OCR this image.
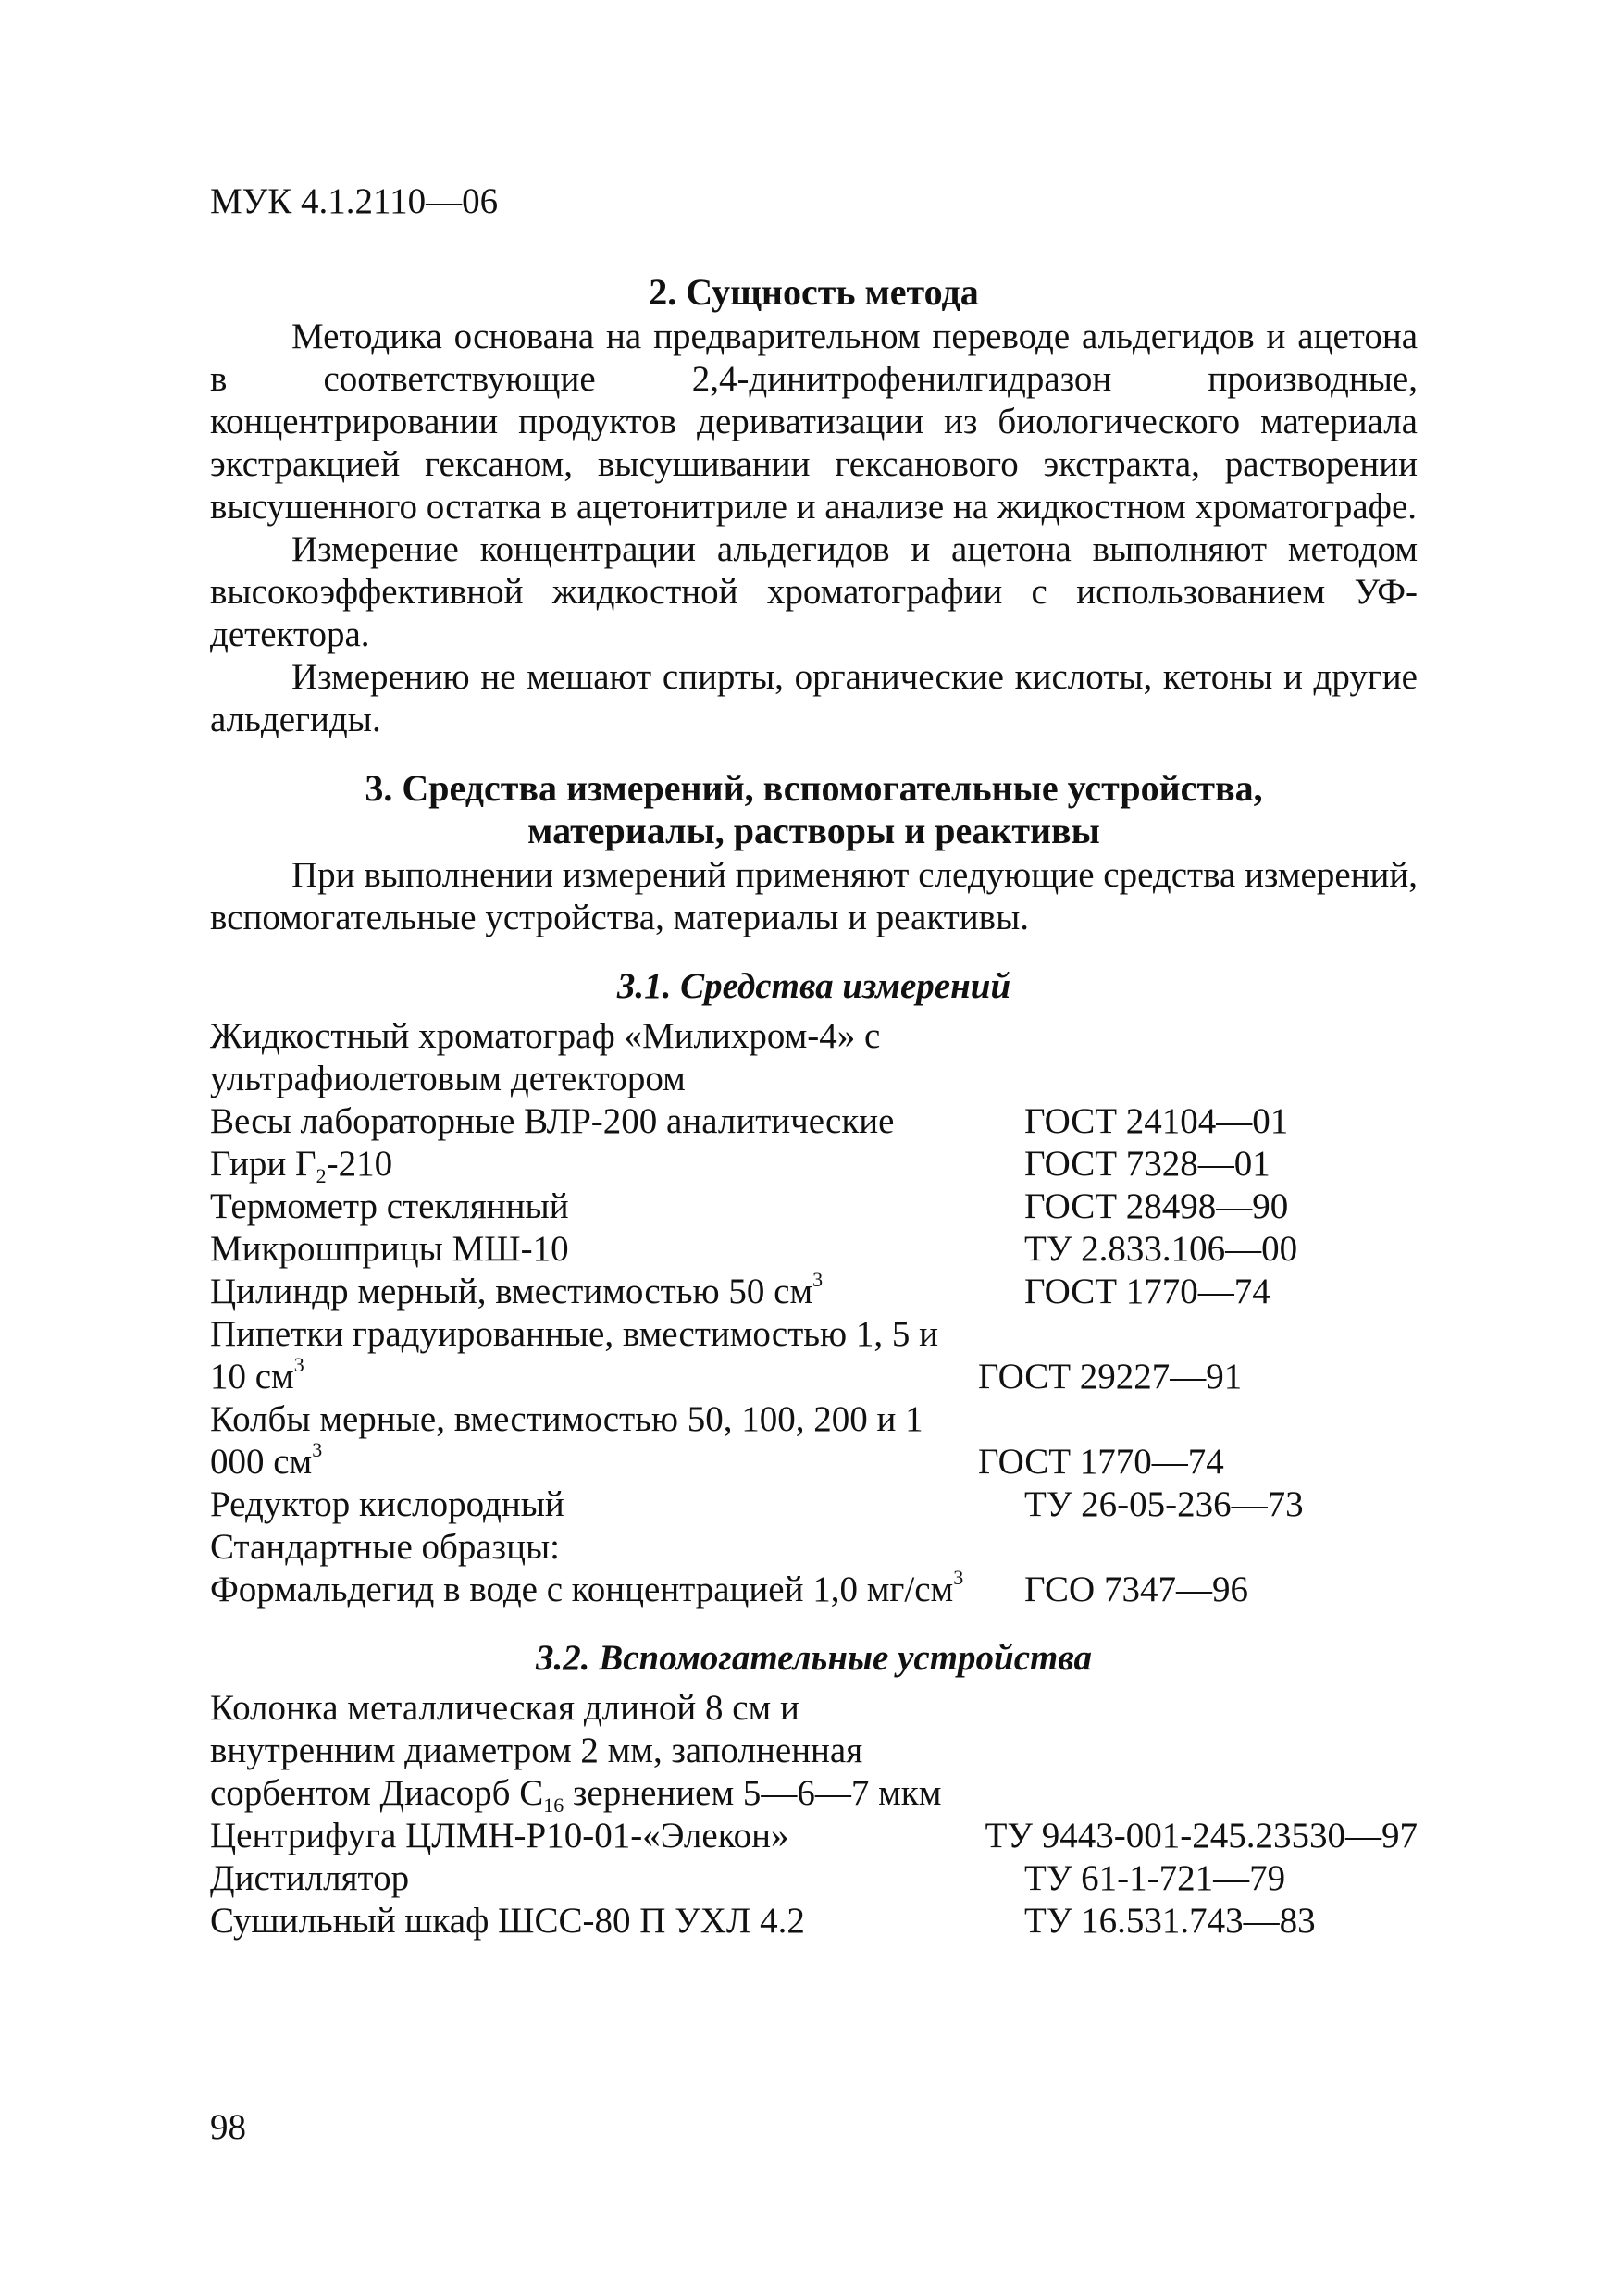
МУК 4.1.2110—06
2. Сущность метода

Методика основана на предварительном переводе альдегидов и ацетона в соответствующие 2,4-динитрофенилгидразон производные, концентрировании продуктов дериватизации из биологического материала экстракцией гексаном, высушивании гексанового экстракта, растворении высушенного остатка в ацетонитриле и анализе на жидкостном хроматографе.

Измерение концентрации альдегидов и ацетона выполняют методом высокоэффективной жидкостной хроматографии с использованием УФ-детектора.

Измерению не мешают спирты, органические кислоты, кетоны и другие альдегиды.

3. Средства измерений, вспомогательные устройства,
материалы, растворы и реактивы

При выполнении измерений применяют следующие средства измерений, вспомогательные устройства, материалы и реактивы.

3.1. Средства измерений
Жидкостный хроматограф «Милихром-4» с ультрафиолетовым детектором
Весы лабораторные ВЛР-200 аналитические	ГОСТ 24104—01
Гири $Г_2-210$	ГОСТ 7328—01
Термометр стеклянный	ГОСТ 28498—90
Микрошприцы МШ-10	ТУ 2.833.106—00
Цилиндр мерный, вместимостью 50 $см^3$	ГОСТ 1770—74
Пипетки градуированные, вместимостью 1, 5 и 10 $см^3$	ГОСТ 29227—91
Колбы мерные, вместимостью 50, 100, 200 и 1 000 $см^3$	ГОСТ 1770—74
Редуктор кислородный	ТУ 26-05-236—73
Стандартные образцы:
Формальдегид в воде с концентрацией 1,0 $мг/см^3$	ГСО 7347—96
3.2. Вспомогательные устройства
Колонка металлическая длиной 8 см и
внутренним диаметром 2 мм, заполненная
сорбентом Диасорб $С_{16}$ зернением 5—6—7 мкм
Центрифуга ЦЛМН-Р10-01-«Элекон»	ТУ 9443-001-245.23530—97
Дистиллятор	ТУ 61-1-721—79
Сушильный шкаф ШСС-80 П УХЛ 4.2	ТУ 16.531.743—83
98
